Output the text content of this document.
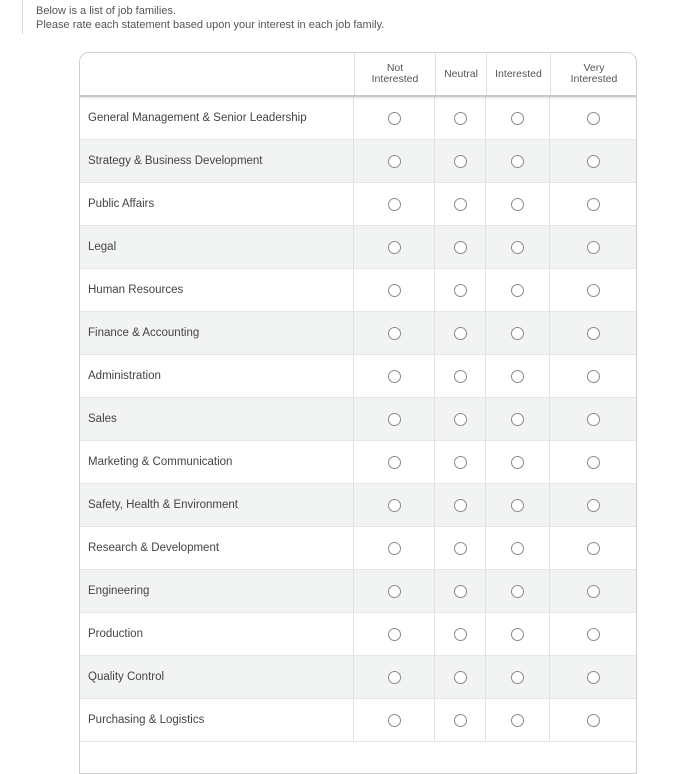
Below is a list of job families.
Please rate each statement based upon your interest in each job family.
Not
Interested Neutral Interested	Very
Interested
General Management & Senior Leadership
Strategy & Business Development
Public Affairs
Legal
Human Resources
Finance & Accounting
Administration
Sales
Marketing & Communication
Safety, Health & Environment
Research & Development
Engineering
Production
Quality Control
Purchasing & Logistics
